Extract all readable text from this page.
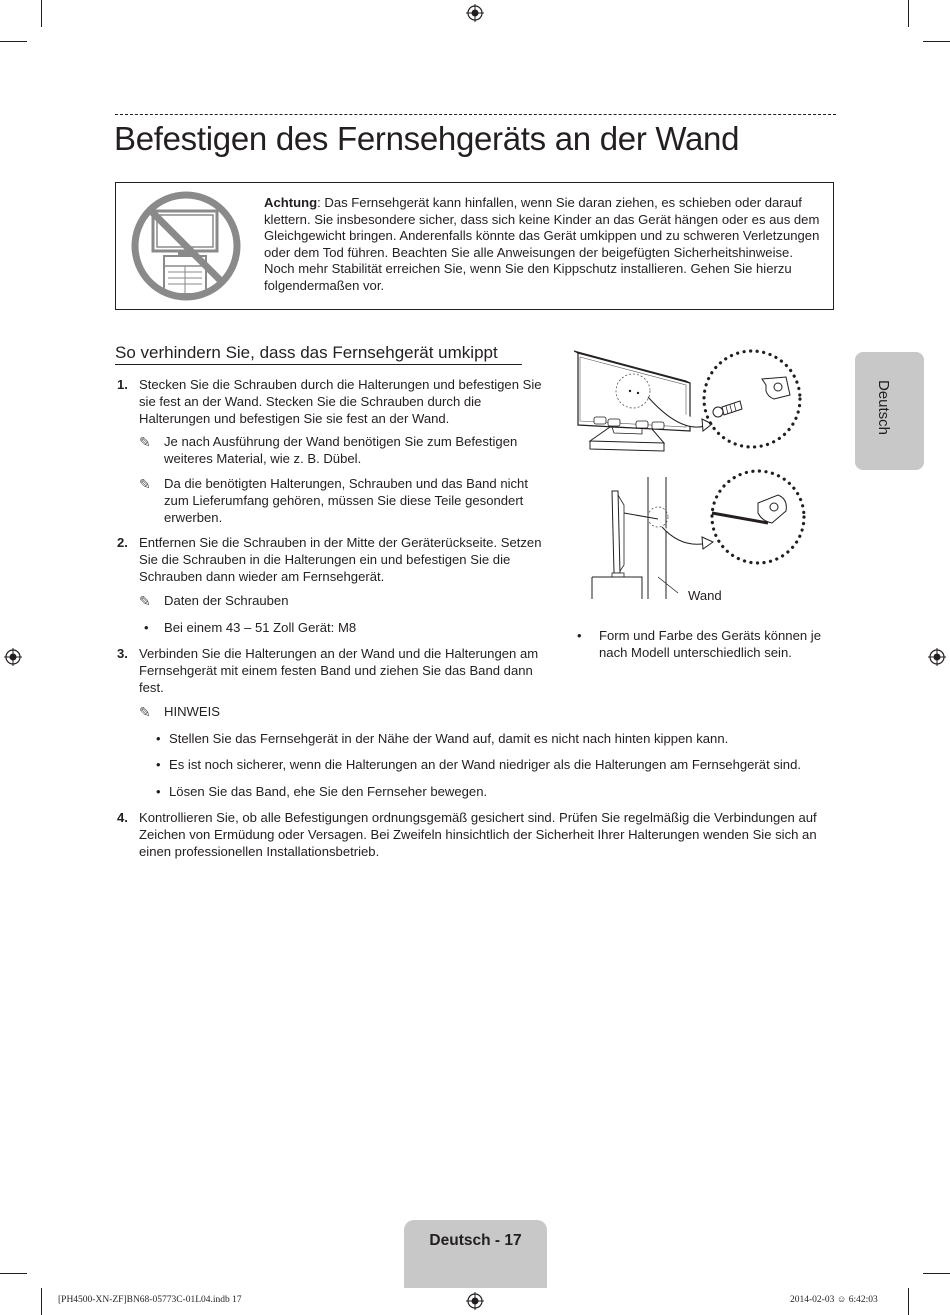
Befestigen des Fernsehgeräts an der Wand
Achtung: Das Fernsehgerät kann hinfallen, wenn Sie daran ziehen, es schieben oder darauf klettern. Sie insbesondere sicher, dass sich keine Kinder an das Gerät hängen oder es aus dem Gleichgewicht bringen. Anderenfalls könnte das Gerät umkippen und zu schweren Verletzungen oder dem Tod führen. Beachten Sie alle Anweisungen der beigefügten Sicherheitshinweise. Noch mehr Stabilität erreichen Sie, wenn Sie den Kippschutz installieren. Gehen Sie hierzu folgendermaßen vor.
So verhindern Sie, dass das Fernsehgerät umkippt
1. Stecken Sie die Schrauben durch die Halterungen und befestigen Sie sie fest an der Wand. Stecken Sie die Schrauben durch die Halterungen und befestigen Sie sie fest an der Wand.
✎ Je nach Ausführung der Wand benötigen Sie zum Befestigen weiteres Material, wie z. B. Dübel.
✎ Da die benötigten Halterungen, Schrauben und das Band nicht zum Lieferumfang gehören, müssen Sie diese Teile gesondert erwerben.
2. Entfernen Sie die Schrauben in der Mitte der Geräterückseite. Setzen Sie die Schrauben in die Halterungen ein und befestigen Sie die Schrauben dann wieder am Fernsehgerät.
✎ Daten der Schrauben
• Bei einem 43 – 51 Zoll Gerät: M8
3. Verbinden Sie die Halterungen an der Wand und die Halterungen am Fernsehgerät mit einem festen Band und ziehen Sie das Band dann fest.
✎ HINWEIS
• Stellen Sie das Fernsehgerät in der Nähe der Wand auf, damit es nicht nach hinten kippen kann.
• Es ist noch sicherer, wenn die Halterungen an der Wand niedriger als die Halterungen am Fernsehgerät sind.
• Lösen Sie das Band, ehe Sie den Fernseher bewegen.
4. Kontrollieren Sie, ob alle Befestigungen ordnungsgemäß gesichert sind. Prüfen Sie regelmäßig die Verbindungen auf Zeichen von Ermüdung oder Versagen. Bei Zweifeln hinsichtlich der Sicherheit Ihrer Halterungen wenden Sie sich an einen professionellen Installationsbetrieb.
Wand
• Form und Farbe des Geräts können je nach Modell unterschiedlich sein.
Deutsch
Deutsch - 17
[PH4500-XN-ZF]BN68-05773C-01L04.indb 17	2014-02-03 ☺ 6:42:03
